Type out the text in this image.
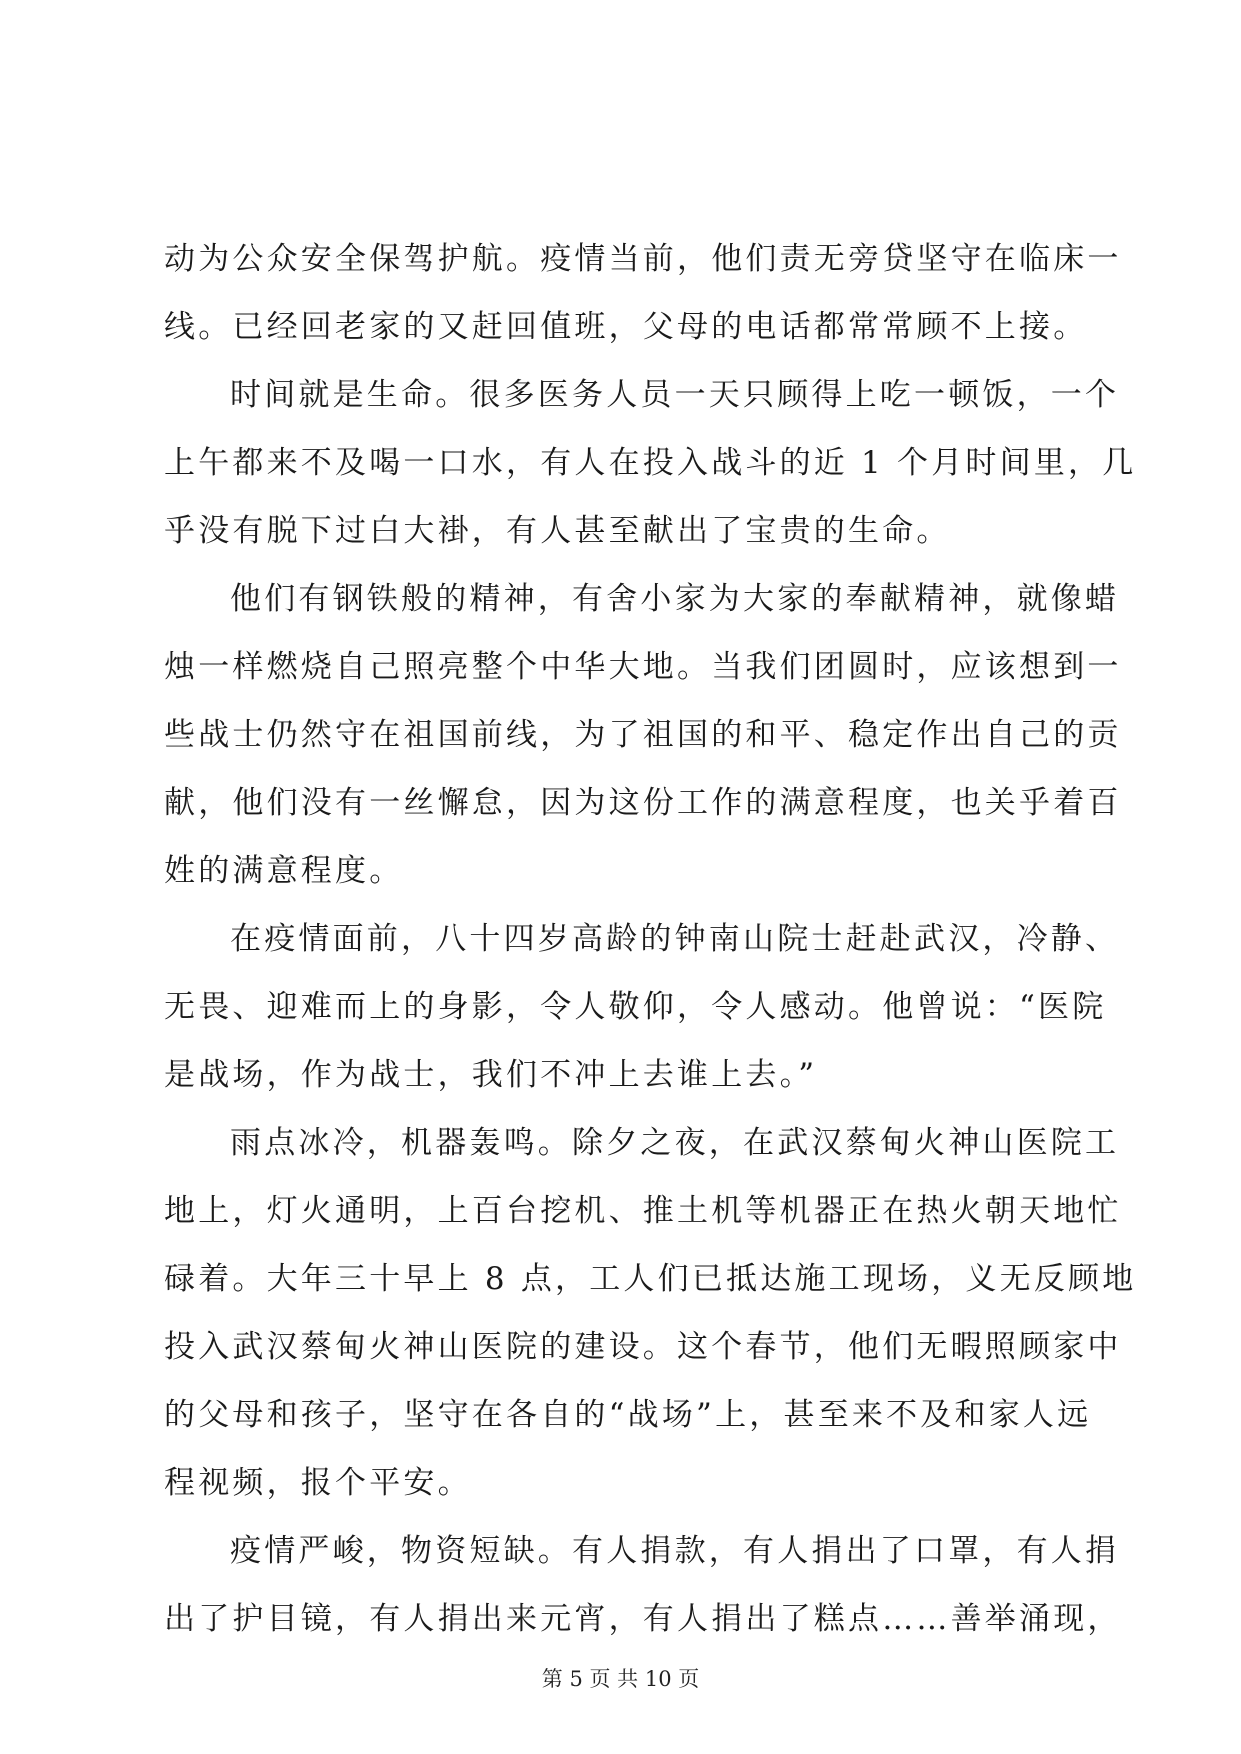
动为公众安全保驾护航。疫情当前，他们责无旁贷坚守在临床一
线。已经回老家的又赶回值班，父母的电话都常常顾不上接。
时间就是生命。很多医务人员一天只顾得上吃一顿饭，一个
上午都来不及喝一口水，有人在投入战斗的近 1 个月时间里，几
乎没有脱下过白大褂，有人甚至献出了宝贵的生命。
他们有钢铁般的精神，有舍小家为大家的奉献精神，就像蜡
烛一样燃烧自己照亮整个中华大地。当我们团圆时，应该想到一
些战士仍然守在祖国前线，为了祖国的和平、稳定作出自己的贡
献，他们没有一丝懈怠，因为这份工作的满意程度，也关乎着百
姓的满意程度。
在疫情面前，八十四岁高龄的钟南山院士赶赴武汉，冷静、
无畏、迎难而上的身影，令人敬仰，令人感动。他曾说：“医院
是战场，作为战士，我们不冲上去谁上去。”
雨点冰冷，机器轰鸣。除夕之夜，在武汉蔡甸火神山医院工
地上，灯火通明，上百台挖机、推土机等机器正在热火朝天地忙
碌着。大年三十早上 8 点，工人们已抵达施工现场，义无反顾地
投入武汉蔡甸火神山医院的建设。这个春节，他们无暇照顾家中
的父母和孩子，坚守在各自的“战场”上，甚至来不及和家人远
程视频，报个平安。
疫情严峻，物资短缺。有人捐款，有人捐出了口罩，有人捐
出了护目镜，有人捐出来元宵，有人捐出了糕点……善举涌现，
第 5 页 共 10 页
